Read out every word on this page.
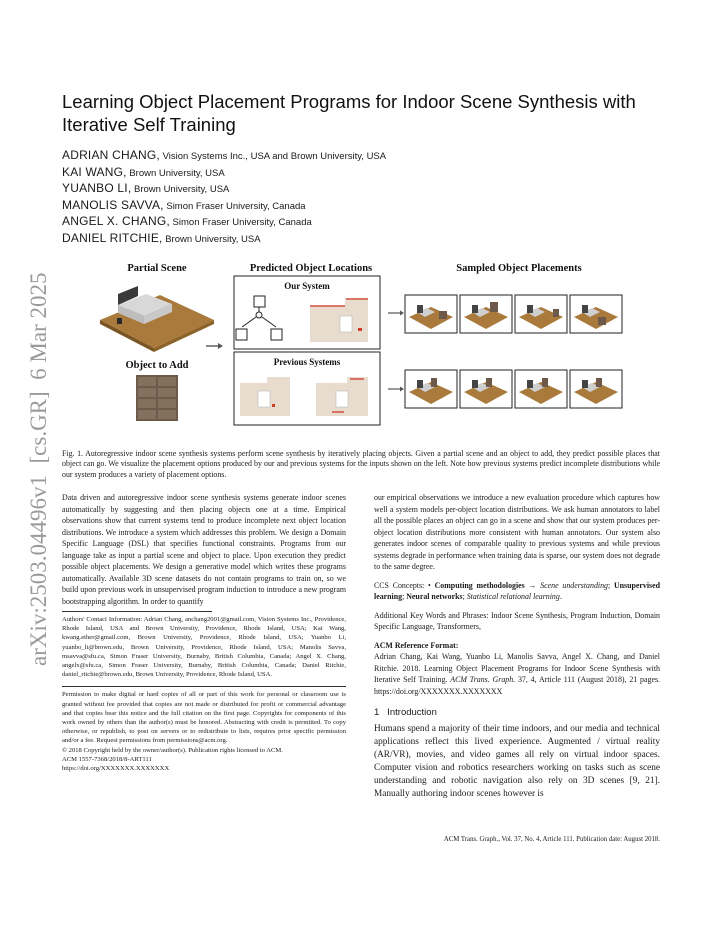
arXiv:2503.04496v1  [cs.GR]  6 Mar 2025
Learning Object Placement Programs for Indoor Scene Synthesis with Iterative Self Training
ADRIAN CHANG, Vision Systems Inc., USA and Brown University, USA
KAI WANG, Brown University, USA
YUANBO LI, Brown University, USA
MANOLIS SAVVA, Simon Fraser University, Canada
ANGEL X. CHANG, Simon Fraser University, Canada
DANIEL RITCHIE, Brown University, USA
Partial Scene	Predicted Object Locations	Sampled Object Placements
Object to Add
Our System
Previous Systems
Fig. 1. Autoregressive indoor scene synthesis systems perform scene synthesis by iteratively placing objects. Given a partial scene and an object to add, they predict possible places that object can go. We visualize the placement options produced by our and previous systems for the inputs shown on the left. Note how previous systems predict incomplete distributions while our system produces a variety of placement options.

Data driven and autoregressive indoor scene synthesis systems generate indoor scenes automatically by suggesting and then placing objects one at a time. Empirical observations show that current systems tend to produce incomplete next object location distributions. We introduce a system which addresses this problem. We design a Domain Specific Language (DSL) that specifies functional constraints. Programs from our language take as input a partial scene and object to place. Upon execution they predict possible object placements. We design a generative model which writes these programs automatically. Available 3D scene datasets do not contain programs to train on, so we build upon previous work in unsupervised program induction to introduce a new program bootstrapping algorithm. In order to quantify

Authors' Contact Information: Adrian Chang, anchang2001@gmail.com, Vision Systems Inc., Providence, Rhode Island, USA and Brown University, Providence, Rhode Island, USA; Kai Wang, kwang.ether@gmail.com, Brown University, Providence, Rhode Island, USA; Yuanbo Li, yuanbo_li@brown.edu, Brown University, Providence, Rhode Island, USA; Manolis Savva, msavva@sfu.ca, Simon Fraser University, Burnaby, British Columbia, Canada; Angel X. Chang, angelx@sfu.ca, Simon Fraser University, Burnaby, British Columbia, Canada; Daniel Ritchie, daniel_ritchie@brown.edu, Brown University, Providence, Rhode Island, USA.
Permission to make digital or hard copies of all or part of this work for personal or classroom use is granted without fee provided that copies are not made or distributed for profit or commercial advantage and that copies bear this notice and the full citation on the first page. Copyrights for components of this work owned by others than the author(s) must be honored. Abstracting with credit is permitted. To copy otherwise, or republish, to post on servers or to redistribute to lists, requires prior specific permission and/or a fee. Request permissions from permissions@acm.org.
© 2018 Copyright held by the owner/author(s). Publication rights licensed to ACM.
ACM 1557-7368/2018/8-ART111
https://doi.org/XXXXXXX.XXXXXXX

our empirical observations we introduce a new evaluation procedure which captures how well a system models per-object location distributions. We ask human annotators to label all the possible places an object can go in a scene and show that our system produces per-object location distributions more consistent with human annotators. Our system also generates indoor scenes of comparable quality to previous systems and while previous systems degrade in performance when training data is sparse, our system does not degrade to the same degree.

CCS Concepts: • Computing methodologies → Scene understanding; Unsupervised learning; Neural networks; Statistical relational learning.

Additional Key Words and Phrases: Indoor Scene Synthesis, Program Induction, Domain Specific Language, Transformers,

ACM Reference Format:

Adrian Chang, Kai Wang, Yuanbo Li, Manolis Savva, Angel X. Chang, and Daniel Ritchie. 2018. Learning Object Placement Programs for Indoor Scene Synthesis with Iterative Self Training. ACM Trans. Graph. 37, 4, Article 111 (August 2018), 21 pages. https://doi.org/XXXXXXX.XXXXXXX

1 Introduction
Humans spend a majority of their time indoors, and our media and technical applications reflect this lived experience. Augmented / virtual reality (AR/VR), movies, and video games all rely on virtual indoor spaces. Computer vision and robotics researchers working on tasks such as scene understanding and robotic navigation also rely on 3D scenes [9, 21]. Manually authoring indoor scenes however is
ACM Trans. Graph., Vol. 37, No. 4, Article 111. Publication date: August 2018.
